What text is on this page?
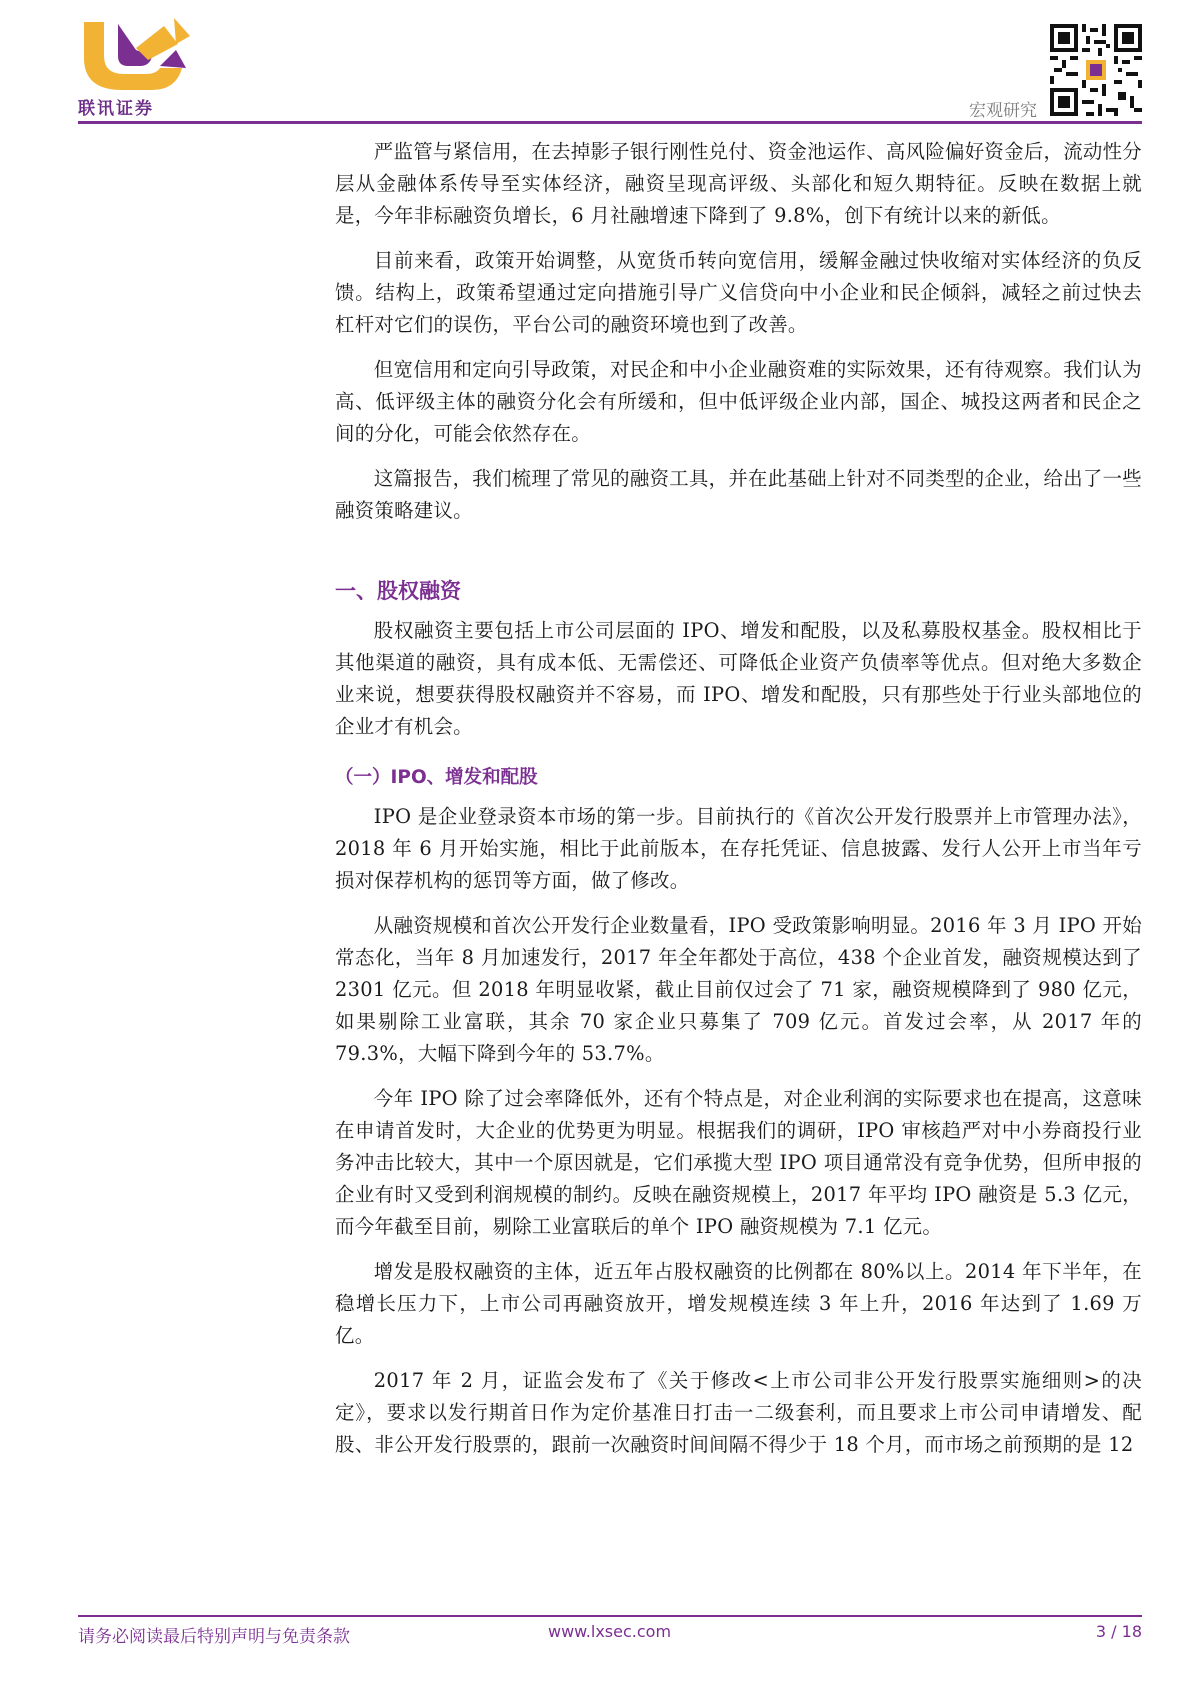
联讯证券	宏观研究

严监管与紧信用，在去掉影子银行刚性兑付、资金池运作、高风险偏好资金后，流动性分层从金融体系传导至实体经济，融资呈现高评级、头部化和短久期特征。反映在数据上就是，今年非标融资负增长，6 月社融增速下降到了 9.8%，创下有统计以来的新低。

目前来看，政策开始调整，从宽货币转向宽信用，缓解金融过快收缩对实体经济的负反馈。结构上，政策希望通过定向措施引导广义信贷向中小企业和民企倾斜，减轻之前过快去杠杆对它们的误伤，平台公司的融资环境也到了改善。

但宽信用和定向引导政策，对民企和中小企业融资难的实际效果，还有待观察。我们认为高、低评级主体的融资分化会有所缓和，但中低评级企业内部，国企、城投这两者和民企之间的分化，可能会依然存在。

这篇报告，我们梳理了常见的融资工具，并在此基础上针对不同类型的企业，给出了一些融资策略建议。

一、股权融资

股权融资主要包括上市公司层面的 IPO、增发和配股，以及私募股权基金。股权相比于其他渠道的融资，具有成本低、无需偿还、可降低企业资产负债率等优点。但对绝大多数企业来说，想要获得股权融资并不容易，而 IPO、增发和配股，只有那些处于行业头部地位的企业才有机会。

（一）IPO、增发和配股

IPO 是企业登录资本市场的第一步。目前执行的《首次公开发行股票并上市管理办法》，2018 年 6 月开始实施，相比于此前版本，在存托凭证、信息披露、发行人公开上市当年亏损对保荐机构的惩罚等方面，做了修改。

从融资规模和首次公开发行企业数量看，IPO 受政策影响明显。2016 年 3 月 IPO 开始常态化，当年 8 月加速发行，2017 年全年都处于高位，438 个企业首发，融资规模达到了 2301 亿元。但 2018 年明显收紧，截止目前仅过会了 71 家，融资规模降到了 980 亿元，如果剔除工业富联，其余 70 家企业只募集了 709 亿元。首发过会率，从 2017 年的 79.3%，大幅下降到今年的 53.7%。

今年 IPO 除了过会率降低外，还有个特点是，对企业利润的实际要求也在提高，这意味在申请首发时，大企业的优势更为明显。根据我们的调研，IPO 审核趋严对中小券商投行业务冲击比较大，其中一个原因就是，它们承揽大型 IPO 项目通常没有竞争优势，但所申报的企业有时又受到利润规模的制约。反映在融资规模上，2017 年平均 IPO 融资是 5.3 亿元，而今年截至目前，剔除工业富联后的单个 IPO 融资规模为 7.1 亿元。

增发是股权融资的主体，近五年占股权融资的比例都在 80%以上。2014 年下半年，在稳增长压力下，上市公司再融资放开，增发规模连续 3 年上升，2016 年达到了 1.69 万亿。

2017 年 2 月，证监会发布了《关于修改<上市公司非公开发行股票实施细则>的决定》，要求以发行期首日作为定价基准日打击一二级套利，而且要求上市公司申请增发、配股、非公开发行股票的，跟前一次融资时间间隔不得少于 18 个月，而市场之前预期的是 12

请务必阅读最后特别声明与免责条款	www.lxsec.com	3 / 18
